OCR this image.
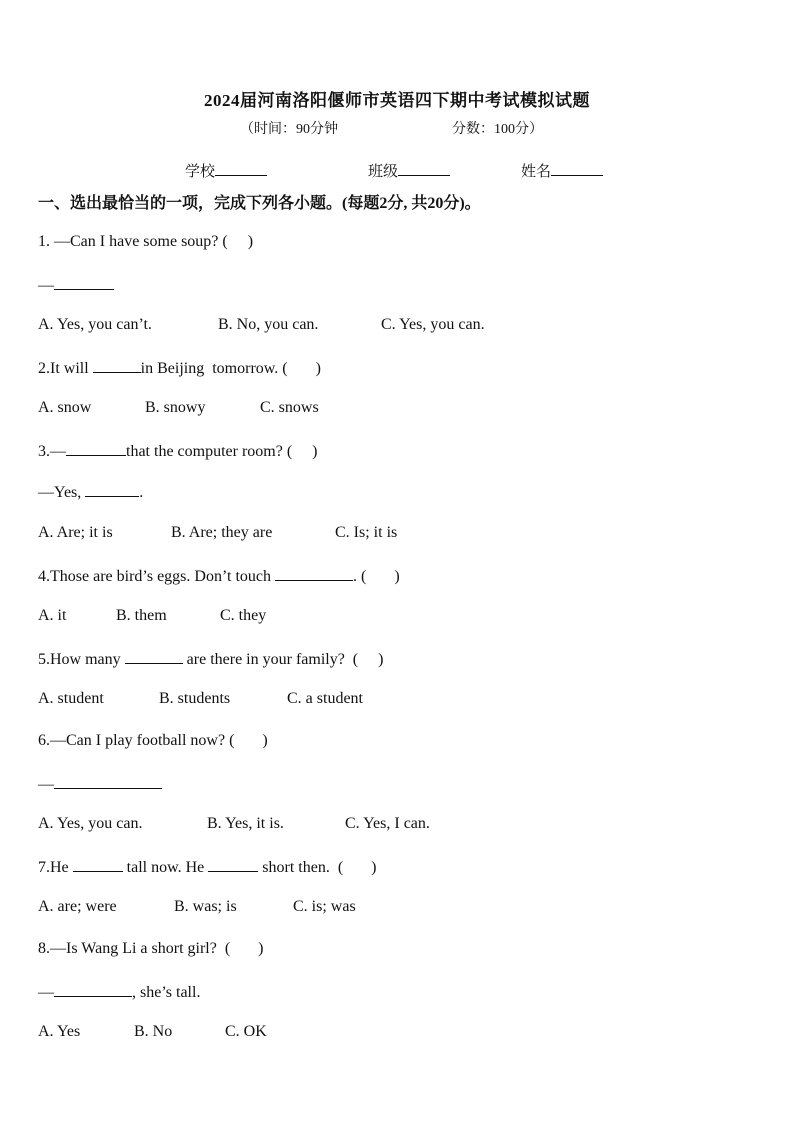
2024届河南洛阳偃师市英语四下期中考试模拟试题
（时间：90分钟	分数：100分）
学校	班级	姓名
一、选出最恰当的一项，完成下列各小题。(每题2分, 共20分)。
1. —Can I have some soup? (     )
—
A. Yes, you can’t.	B. No, you can.	C. Yes, you can.
2.It will	in Beijing  tomorrow. (       )
A. snow	B. snowy	C. snows
3.—	that the computer room? (     )
—Yes,	.
A. Are; it is	B. Are; they are	C. Is; it is
4.Those are bird’s eggs. Don’t touch	. (       )
A. it	B. them	C. they
5.How many	are there in your family?  (     )
A. student	B. students	C. a student
6.—Can I play football now? (       )
—
A. Yes, you can.	B. Yes, it is.	C. Yes, I can.
7.He	tall now. He	short then.  (       )
A. are; were	B. was; is	C. is; was
8.—Is Wang Li a short girl?  (       )
—	, she’s tall.
A. Yes	B. No	C. OK
